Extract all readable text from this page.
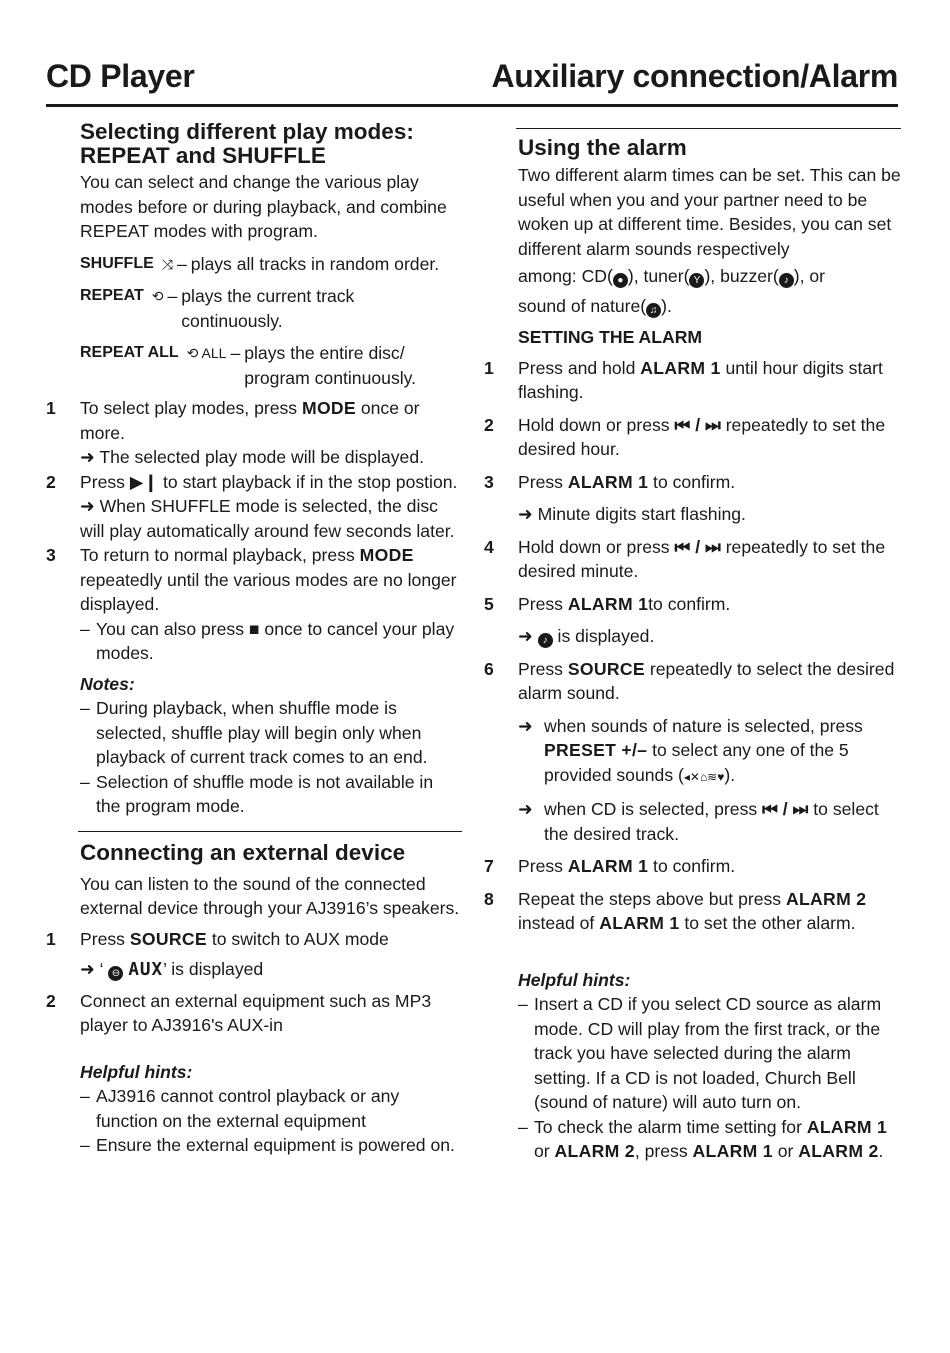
CD Player	Auxiliary connection/Alarm

Selecting different play modes:

REPEAT and SHUFFLE

You can select and change the various play modes before or during playback, and combine REPEAT modes with program.

SHUFFLE ⤨ – plays all tracks in random order.
REPEAT ⟲ – plays the current track continuously.
REPEAT ALL ⟲ ALL – plays the entire disc/ program continuously.
1	To select play modes, press MODE once or more.
➜ The selected play mode will be displayed.
2	Press ▶❙ to start playback if in the stop postion.
➜ When SHUFFLE mode is selected, the disc will play automatically around few seconds later.
3	To return to normal playback, press MODE repeatedly until the various modes are no longer displayed.
– You can also press ■ once to cancel your play modes.
Notes:
– During playback, when shuffle mode is selected, shuffle play will begin only when playback of current track comes to an end.
– Selection of shuffle mode is not available in the program mode.

Connecting an external device

You can listen to the sound of the connected external device through your AJ3916’s speakers.

1	Press SOURCE to switch to AUX mode
➜ ‘ ⊖ AUX’ is displayed
2	Connect an external equipment such as MP3 player to AJ3916's AUX-in
Helpful hints:
– AJ3916 cannot control playback or any function on the external equipment
– Ensure the external equipment is powered on.

Using the alarm

Two different alarm times can be set. This can be useful when you and your partner need to be woken up at different time. Besides, you can set different alarm sounds respectively

among: CD( ● ), tuner( Y ), buzzer( ♪ ), or
sound of nature( ♫ ).

SETTING THE ALARM

1	Press and hold ALARM 1 until hour digits start flashing.
2	Hold down or press ⏮ / ⏭ repeatedly to set the desired hour.
3	Press ALARM 1 to confirm.
➜ Minute digits start flashing.
4	Hold down or press ⏮ / ⏭ repeatedly to set the desired minute.
5	Press ALARM 1to confirm.
➜ ♪ is displayed.
6	Press SOURCE repeatedly to select the desired alarm sound.
➜ when sounds of nature is selected, press PRESET +/– to select any one of the 5 provided sounds (◂✕⌂≋♥).
➜ when CD is selected, press ⏮ / ⏭ to select the desired track.
7	Press ALARM 1 to confirm.
8	Repeat the steps above but press ALARM 2 instead of ALARM 1 to set the other alarm.
Helpful hints:
– Insert a CD if you select CD source as alarm mode. CD will play from the first track, or the track you have selected during the alarm setting. If a CD is not loaded, Church Bell (sound of nature) will auto turn on.
– To check the alarm time setting for ALARM 1 or ALARM 2, press ALARM 1 or ALARM 2.
